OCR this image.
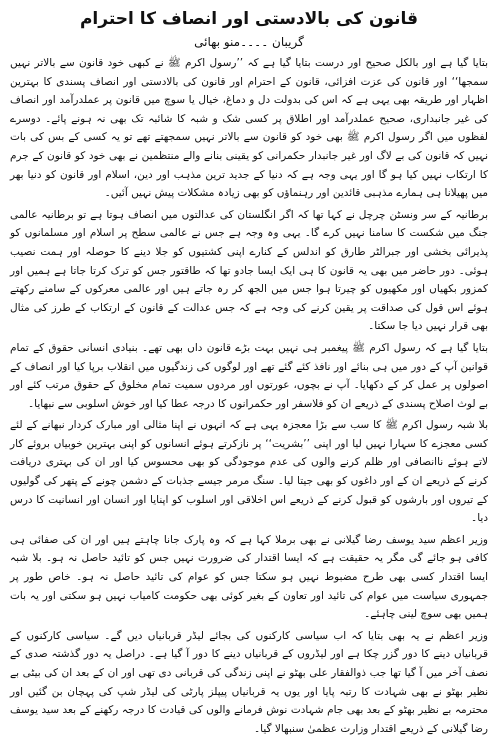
قانون کی بالادستی اور انصاف کا احترام
گریبان ۔۔۔۔منو بھائی

بتایا گیا ہے اور بالکل صحیح اور درست بتایا گیا ہے کہ ’’رسول اکرم ﷺ نے کبھی خود قانون سے بالاتر نہیں سمجھا‘‘ اور قانون کی عزت افزائی، قانون کے احترام اور قانون کی بالادستی اور انصاف پسندی کا بہترین اظہار اور طریقہ بھی یہی ہے کہ اس کی بدولت دل و دماغ، خیال یا سوچ میں قانون پر عملدرآمد اور انصاف کی غیر جانبداری، صحیح عملدرآمد اور اطلاق پر کسی شک و شبہ کا شائبہ تک بھی نہ ہونے پائے۔ دوسرے لفظوں میں اگر رسول اکرم ﷺ بھی خود کو قانون سے بالاتر نہیں سمجھتے تھے تو یہ کسی کے بس کی بات نہیں کہ قانون کی بے لاگ اور غیر جانبدار حکمرانی کو یقینی بنانے والے منتظمین نے بھی خود کو قانون کے جرم کا ارتکاب نہیں کیا ہو گا اور یہی وجہ ہے کہ دنیا کے جدید ترین مذہب اور دین، اسلام اور قانون کو دنیا بھر میں پھیلانا ہی ہمارے مذہبی قائدین اور رہنماؤں کو بھی زیادہ مشکلات پیش نہیں آئیں۔

برطانیہ کے سر ونسٹن چرچل نے کہا تھا کہ اگر انگلستان کی عدالتوں میں انصاف ہوتا ہے تو برطانیہ عالمی جنگ میں شکست کا سامنا نہیں کرے گا۔ یہی وہ وجہ ہے جس نے عالمی سطح پر اسلام اور مسلمانوں کو پذیرائی بخشی اور جبرالٹر طارق کو اندلس کے کنارے اپنی کشتیوں کو جلا دینے کا حوصلہ اور ہمت نصیب ہوئی۔ دور حاضر میں بھی یہ قانون کا ہی ایک ایسا جادو تھا کہ طاقتور جس کو ترک کرتا جاتا ہے ہمیں اور کمزور بکھیاں اور مکھیوں کو چیرتا ہوا جس میں الجھ کر رہ جاتے ہیں اور عالمی معرکوں کے سامنے رکھتے ہوئے اس قول کی صداقت پر یقین کرنے کی وجہ ہے کہ جس عدالت کے قانون کے ارتکاب کے طرز کی مثال بھی قرار نہیں دیا جا سکتا۔

بتایا گیا ہے کہ رسول اکرم ﷺ پیغمبر ہی نہیں بہت بڑے قانون داں بھی تھے۔ بنیادی انسانی حقوق کے تمام قوانین آپ کے دور میں ہی بنائے اور نافذ کئے گئے تھے اور لوگوں کی زندگیوں میں انقلاب برپا کیا اور انصاف کے اصولوں پر عمل کر کے دکھایا۔ آپ نے بچوں، عورتوں اور مردوں سمیت تمام مخلوق کے حقوق مرتب کئے اور بے لوث اصلاح پسندی کے ذریعے ان کو فلاسفر اور حکمرانوں کا درجہ عطا کیا اور خوش اسلوبی سے نبھایا۔

بلا شبہ رسول اکرم ﷺ کا سب سے بڑا معجزہ یہی ہے کہ انہوں نے اپنا مثالی اور مبارک کردار نبھانے کے لئے کسی معجزے کا سہارا نہیں لیا اور اپنی ’’بشریت‘‘ پر نازکرتے ہوئے انسانوں کو اپنی بہترین خوبیاں بروئے کار لاتے ہوئے ناانصافی اور ظلم کرنے والوں کی عدم موجودگی کو بھی محسوس کیا اور ان کی بہتری دریافت کرنے کے ذریعے ان کے اور داغوں کو بھی جیتا لیا۔ سنگ مرمر جیسے جذبات کے دشمن چونے کے پتھر کی گولیوں کے تیروں اور بارشوں کو قبول کرنے کے ذریعے اس اخلاقی اور اسلوب کو اپنایا اور انسان اور انسانیت کا درس دیا۔

وزیر اعظم سید یوسف رضا گیلانی نے بھی برملا کہا ہے کہ وہ پارک جانا چاہتے ہیں اور ان کی صفائی ہی کافی ہو جائے گی مگر یہ حقیقت ہے کہ ایسا اقتدار کی ضرورت نہیں جس کو تائید حاصل نہ ہو۔ بلا شبہ ایسا اقتدار کسی بھی طرح مضبوط نہیں ہو سکتا جس کو عوام کی تائید حاصل نہ ہو۔ خاص طور پر جمہوری سیاست میں عوام کی تائید اور تعاون کے بغیر کوئی بھی حکومت کامیاب نہیں ہو سکتی اور یہ بات ہمیں بھی سوچ لینی چاہئے۔

وزیر اعظم نے یہ بھی بتایا کہ اب سیاسی کارکنوں کی بجائے لیڈر قربانیاں دیں گے۔ سیاسی کارکنوں کے قربانیاں دینے کا دور گزر چکا ہے اور لیڈروں کے قربانیاں دینے کا دور آ گیا ہے۔ دراصل یہ دور گذشتہ صدی کے نصف آخر میں آ گیا تھا جب ذوالفقار علی بھٹو نے اپنی زندگی کی قربانی دی تھی اور ان کے بعد ان کی بیٹی بے نظیر بھٹو نے بھی شہادت کا رتبہ پایا اور یوں یہ قربانیاں پیپلز پارٹی کی لیڈر شپ کی پہچان بن گئیں اور محترمہ بے نظیر بھٹو کے بعد بھی جام شہادت نوش فرمانے والوں کی قیادت کا درجہ رکھنے کے بعد سید یوسف رضا گیلانی کے ذریعے اقتدار وزارت عظمیٰ سنبھالا گیا۔
